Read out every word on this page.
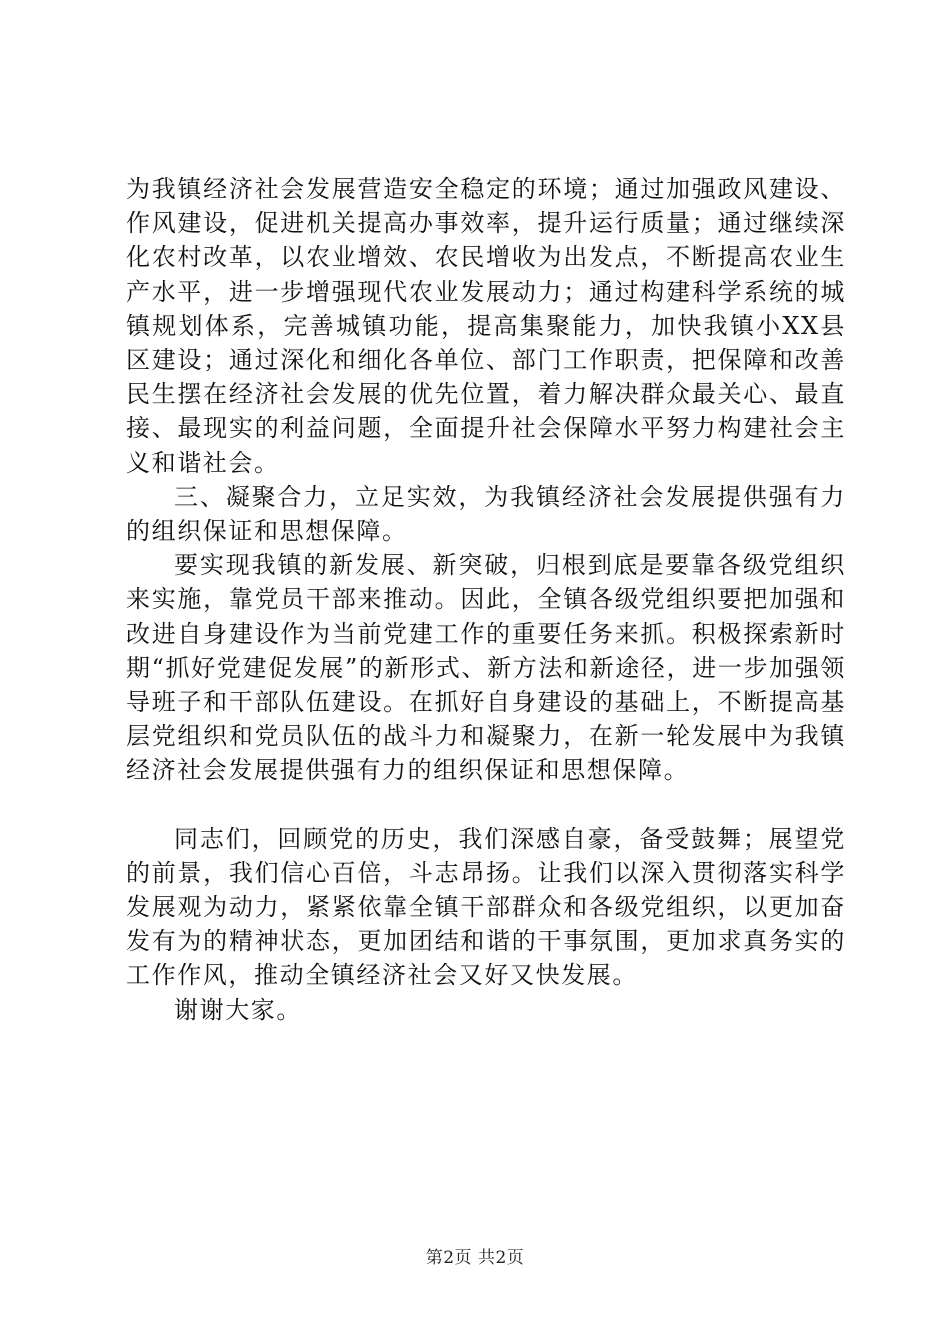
为我镇经济社会发展营造安全稳定的环境；通过加强政风建设、作风建设，促进机关提高办事效率，提升运行质量；通过继续深化农村改革，以农业增效、农民增收为出发点，不断提高农业生产水平，进一步增强现代农业发展动力；通过构建科学系统的城镇规划体系，完善城镇功能，提高集聚能力，加快我镇小XX县区建设；通过深化和细化各单位、部门工作职责，把保障和改善民生摆在经济社会发展的优先位置，着力解决群众最关心、最直接、最现实的利益问题，全面提升社会保障水平努力构建社会主义和谐社会。

三、凝聚合力，立足实效，为我镇经济社会发展提供强有力的组织保证和思想保障。

要实现我镇的新发展、新突破，归根到底是要靠各级党组织来实施，靠党员干部来推动。因此，全镇各级党组织要把加强和改进自身建设作为当前党建工作的重要任务来抓。积极探索新时期“抓好党建促发展”的新形式、新方法和新途径，进一步加强领导班子和干部队伍建设。在抓好自身建设的基础上，不断提高基层党组织和党员队伍的战斗力和凝聚力，在新一轮发展中为我镇经济社会发展提供强有力的组织保证和思想保障。

同志们，回顾党的历史，我们深感自豪，备受鼓舞；展望党的前景，我们信心百倍，斗志昂扬。让我们以深入贯彻落实科学发展观为动力，紧紧依靠全镇干部群众和各级党组织，以更加奋发有为的精神状态，更加团结和谐的干事氛围，更加求真务实的工作作风，推动全镇经济社会又好又快发展。

谢谢大家。

第2页 共2页
